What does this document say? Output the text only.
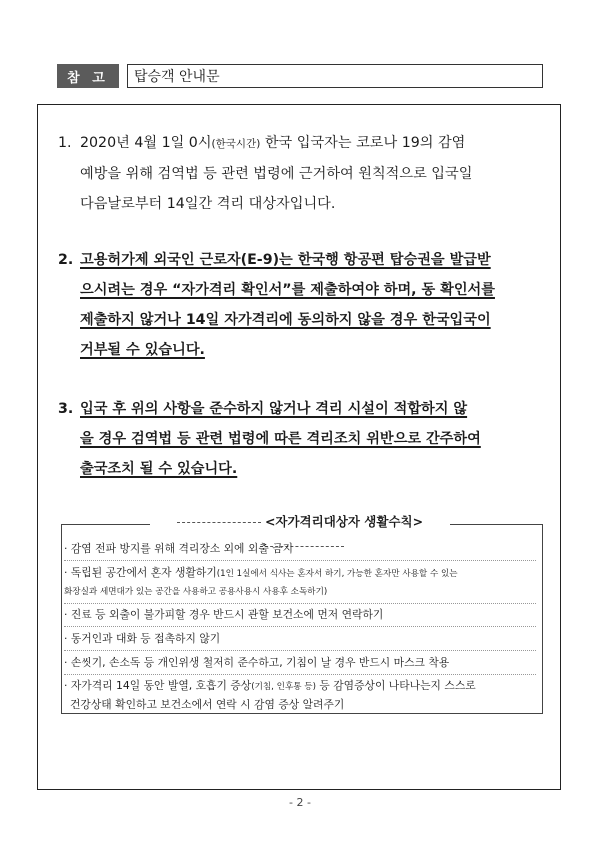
참 고	탑승객 안내문
1. 2020년 4월 1일 0시(한국시간) 한국 입국자는 코로나 19의 감염
예방을 위해 검역법 등 관련 법령에 근거하여 원칙적으로 입국일
다음날로부터 14일간 격리 대상자입니다.
2. 고용허가제 외국인 근로자(E-9)는 한국행 항공편 탑승권을 발급받
으시려는 경우 “자가격리 확인서”를 제출하여야 하며, 동 확인서를
제출하지 않거나 14일 자가격리에 동의하지 않을 경우 한국입국이
거부될 수 있습니다.
3. 입국 후 위의 사항을 준수하지 않거나 격리 시설이 적합하지 않
을 경우 검역법 등 관련 법령에 따른 격리조치 위반으로 간주하여
출국조치 될 수 있습니다.
<자가격리대상자 생활수칙>
· 감염 전파 방지를 위해 격리장소 외에 외출 금지
· 독립된 공간에서 혼자 생활하기(1인 1실에서 식사는 혼자서 하기, 가능한 혼자만 사용할 수 있는
화장실과 세면대가 있는 공간을 사용하고 공용사용시 사용후 소독하기)
· 진료 등 외출이 불가피할 경우 반드시 관할 보건소에 먼저 연락하기
· 동거인과 대화 등 접촉하지 않기
· 손씻기, 손소독 등 개인위생 철저히 준수하고, 기침이 날 경우 반드시 마스크 착용
· 자가격리 14일 동안 발열, 호흡기 증상(기침, 인후통 등) 등 감염증상이 나타나는지 스스로
건강상태 확인하고 보건소에서 연락 시 감염 증상 알려주기
- 2 -
